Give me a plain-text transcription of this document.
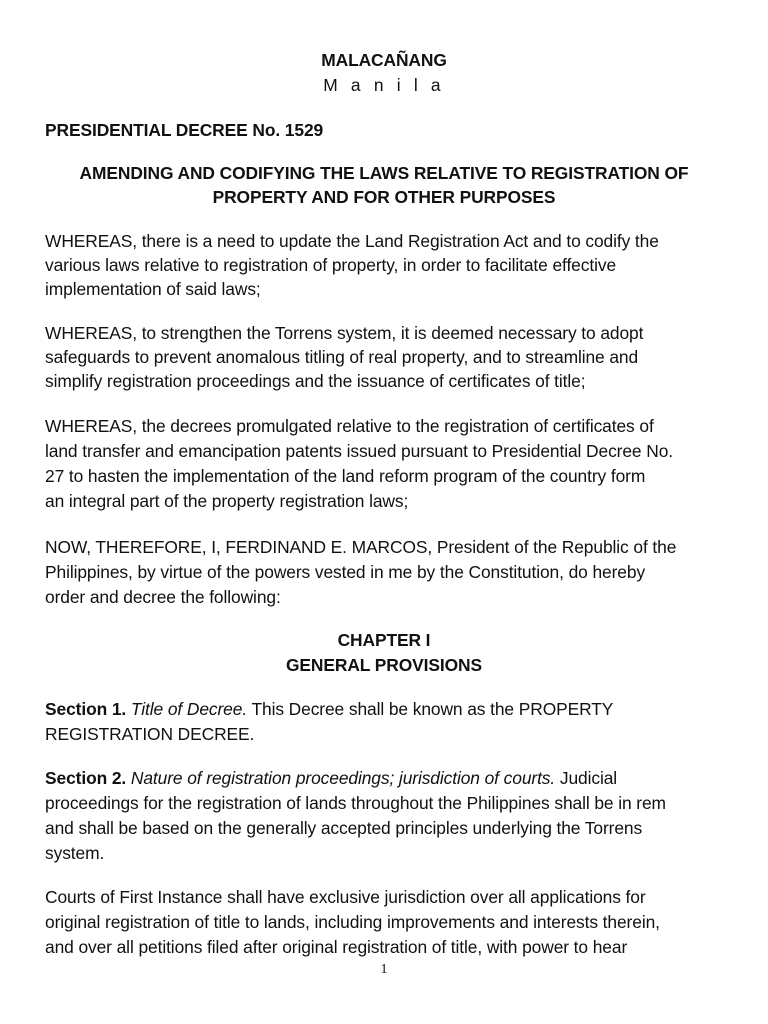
MALACAÑANG
M a n i l a
PRESIDENTIAL DECREE No. 1529
AMENDING AND CODIFYING THE LAWS RELATIVE TO REGISTRATION OF
PROPERTY AND FOR OTHER PURPOSES
WHEREAS, there is a need to update the Land Registration Act and to codify the
various laws relative to registration of property, in order to facilitate effective
implementation of said laws;
WHEREAS, to strengthen the Torrens system, it is deemed necessary to adopt
safeguards to prevent anomalous titling of real property, and to streamline and
simplify registration proceedings and the issuance of certificates of title;
WHEREAS, the decrees promulgated relative to the registration of certificates of
land transfer and emancipation patents issued pursuant to Presidential Decree No.
27 to hasten the implementation of the land reform program of the country form
an integral part of the property registration laws;
NOW, THEREFORE, I, FERDINAND E. MARCOS, President of the Republic of the
Philippines, by virtue of the powers vested in me by the Constitution, do hereby
order and decree the following:
CHAPTER I
GENERAL PROVISIONS
Section 1. Title of Decree. This Decree shall be known as the PROPERTY
REGISTRATION DECREE.
Section 2. Nature of registration proceedings; jurisdiction of courts. Judicial
proceedings for the registration of lands throughout the Philippines shall be in rem
and shall be based on the generally accepted principles underlying the Torrens
system.
Courts of First Instance shall have exclusive jurisdiction over all applications for
original registration of title to lands, including improvements and interests therein,
and over all petitions filed after original registration of title, with power to hear
1
